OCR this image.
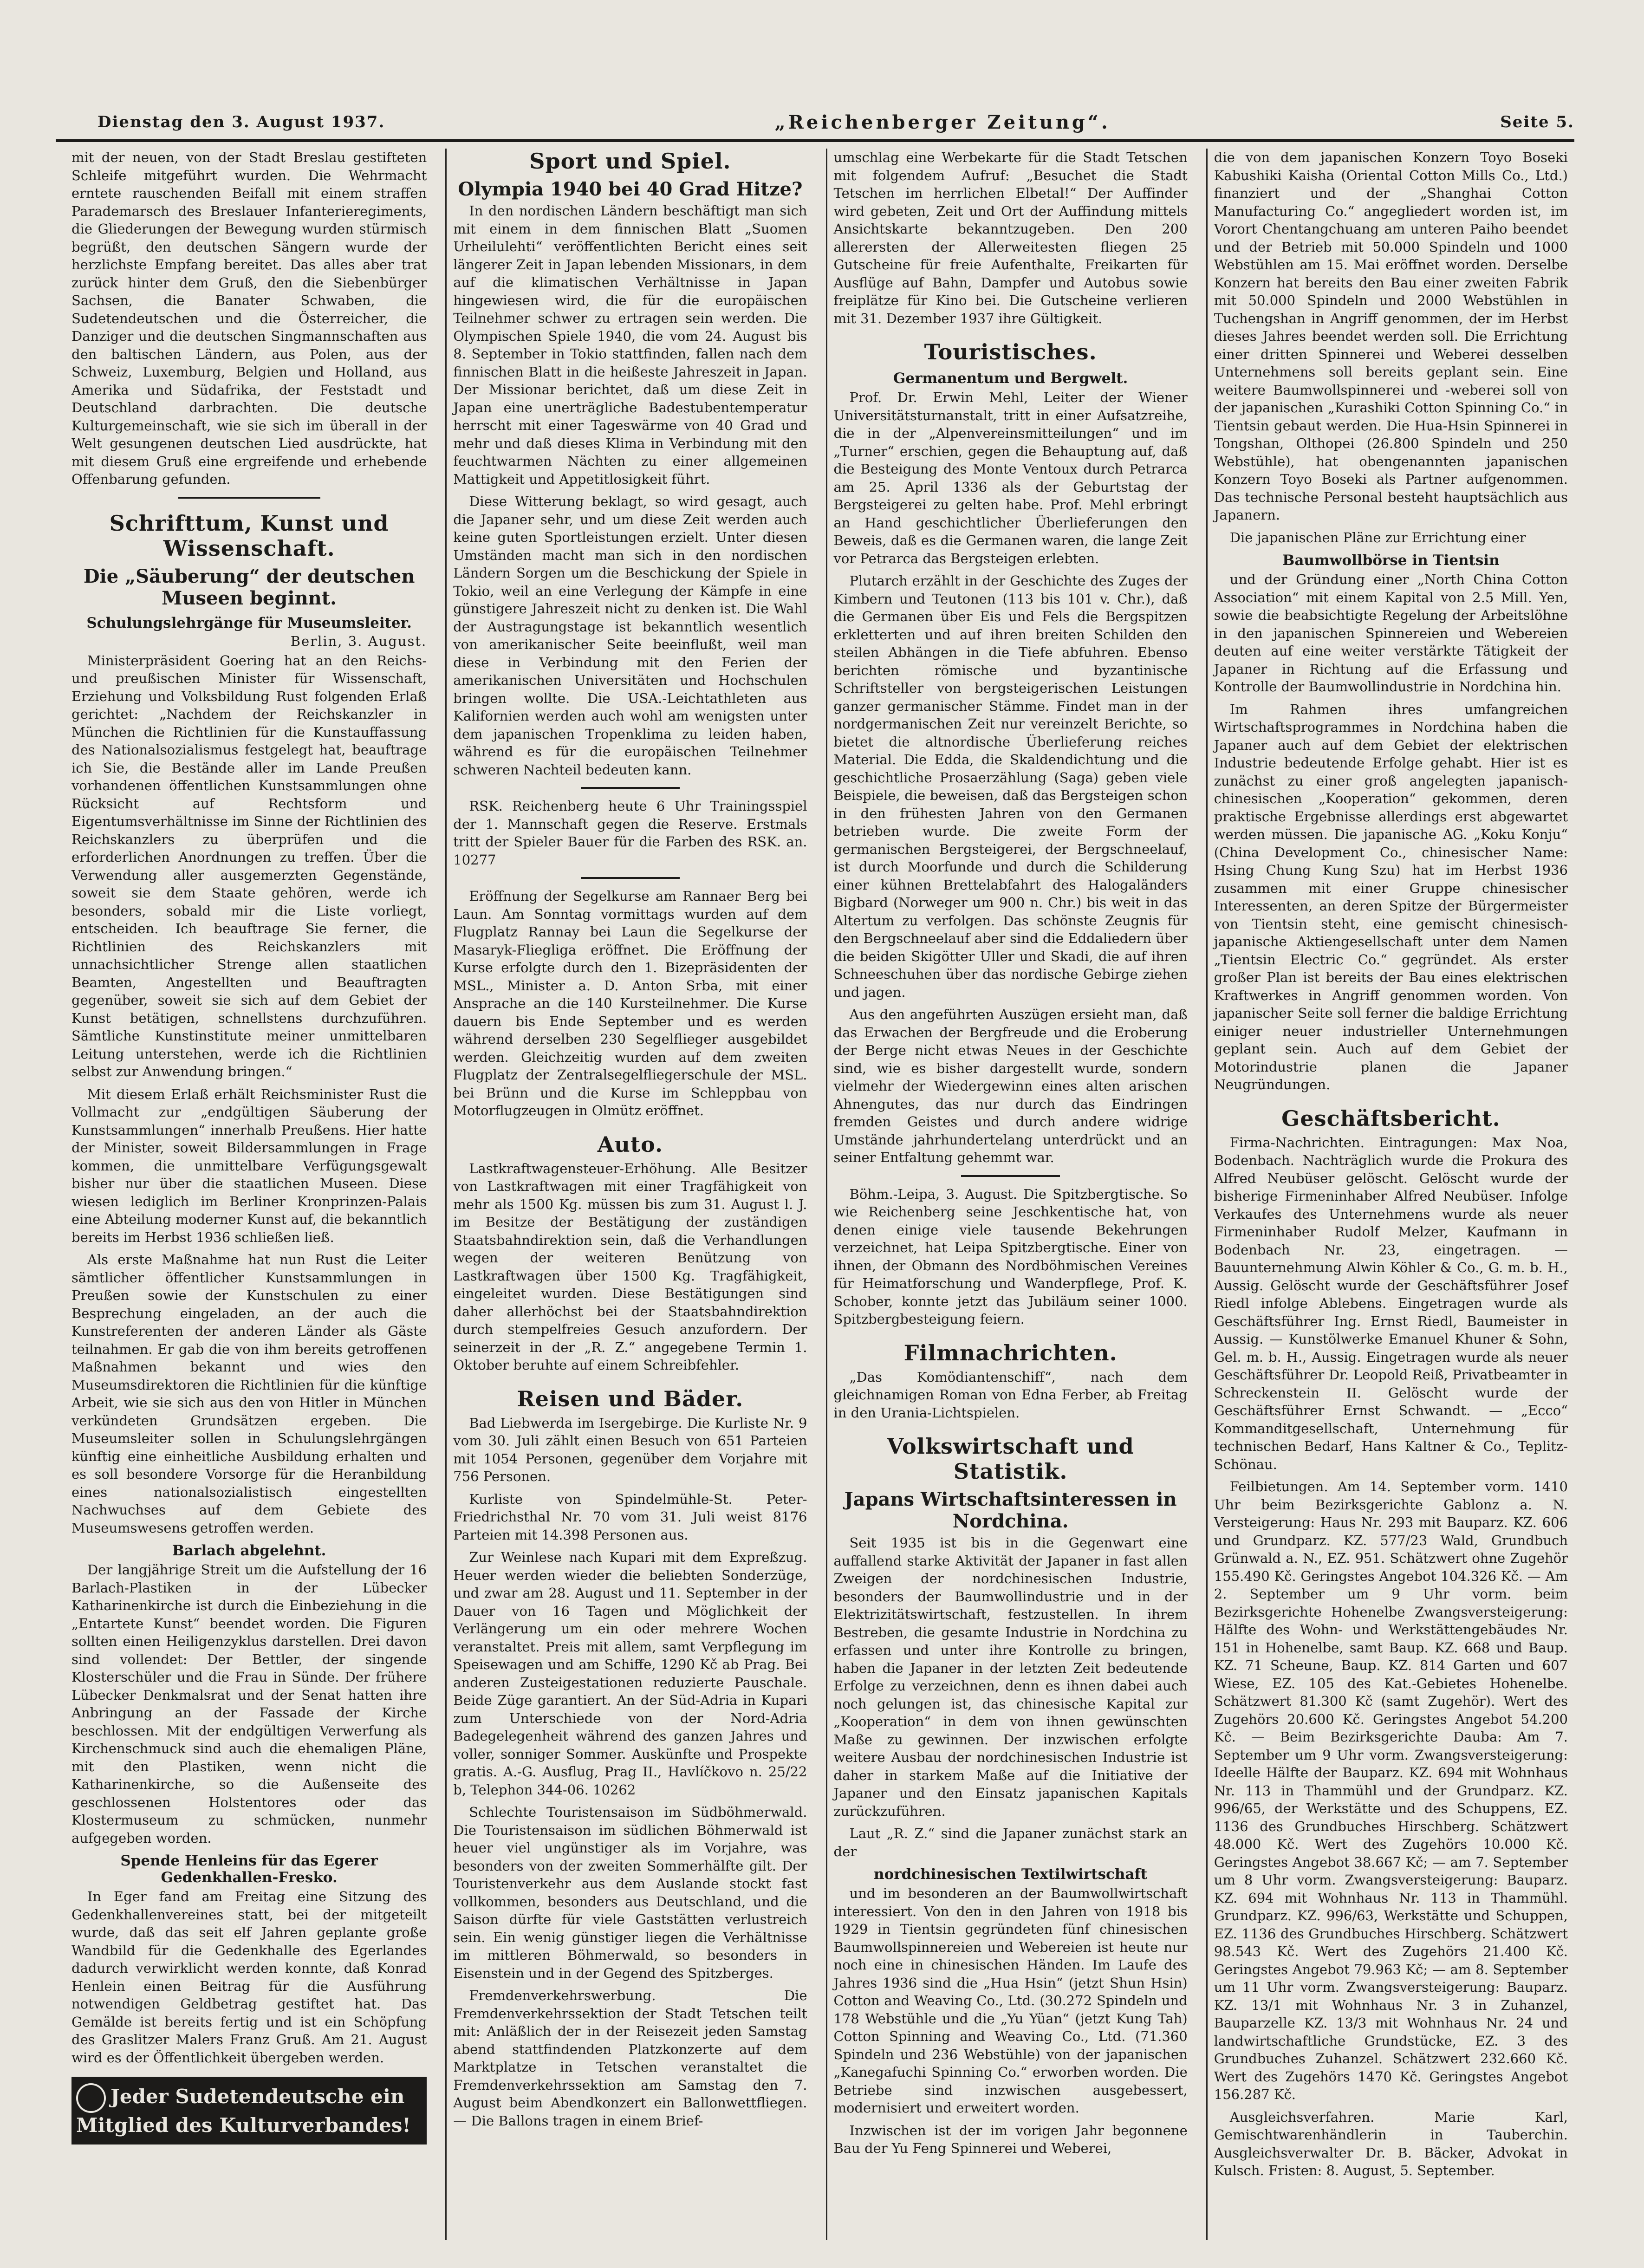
Dienstag den 3. August 1937.	„Reichenberger Zeitung“.	Seite 5.

mit der neuen, von der Stadt Breslau gestifteten Schleife mitgeführt wurden. Die Wehrmacht erntete rauschenden Beifall mit einem straffen Parademarsch des Breslauer Infanterieregiments, die Gliederungen der Bewegung wurden stürmisch begrüßt, den deutschen Sängern wurde der herzlichste Empfang bereitet. Das alles aber trat zurück hinter dem Gruß, den die Siebenbürger Sachsen, die Banater Schwaben, die Sudetendeutschen und die Österreicher, die Danziger und die deutschen Singmannschaften aus den baltischen Ländern, aus Polen, aus der Schweiz, Luxemburg, Belgien und Holland, aus Amerika und Südafrika, der Feststadt und Deutschland darbrachten. Die deutsche Kulturgemeinschaft, wie sie sich im überall in der Welt gesungenen deutschen Lied ausdrückte, hat mit diesem Gruß eine ergreifende und erhebende Offenbarung gefunden.

Schrifttum, Kunst und Wissenschaft.
Die „Säuberung“ der deutschen Museen beginnt.
Schulungslehrgänge für Museumsleiter.
Berlin, 3. August.

Ministerpräsident Goering hat an den Reichs- und preußischen Minister für Wissenschaft, Erziehung und Volksbildung Rust folgenden Erlaß gerichtet: „Nachdem der Reichskanzler in München die Richtlinien für die Kunstauffassung des Nationalsozialismus festgelegt hat, beauftrage ich Sie, die Bestände aller im Lande Preußen vorhandenen öffentlichen Kunstsammlungen ohne Rücksicht auf Rechtsform und Eigentumsverhältnisse im Sinne der Richtlinien des Reichskanzlers zu überprüfen und die erforderlichen Anordnungen zu treffen. Über die Verwendung aller ausgemerzten Gegenstände, soweit sie dem Staate gehören, werde ich besonders, sobald mir die Liste vorliegt, entscheiden. Ich beauftrage Sie ferner, die Richtlinien des Reichskanzlers mit unnachsichtlicher Strenge allen staatlichen Beamten, Angestellten und Beauftragten gegenüber, soweit sie sich auf dem Gebiet der Kunst betätigen, schnellstens durchzuführen. Sämtliche Kunstinstitute meiner unmittelbaren Leitung unterstehen, werde ich die Richtlinien selbst zur Anwendung bringen.“

Mit diesem Erlaß erhält Reichsminister Rust die Vollmacht zur „endgültigen Säuberung der Kunstsammlungen“ innerhalb Preußens. Hier hatte der Minister, soweit Bildersammlungen in Frage kommen, die unmittelbare Verfügungsgewalt bisher nur über die staatlichen Museen. Diese wiesen lediglich im Berliner Kronprinzen-Palais eine Abteilung moderner Kunst auf, die bekanntlich bereits im Herbst 1936 schließen ließ.

Als erste Maßnahme hat nun Rust die Leiter sämtlicher öffentlicher Kunstsammlungen in Preußen sowie der Kunstschulen zu einer Besprechung eingeladen, an der auch die Kunstreferenten der anderen Länder als Gäste teilnahmen. Er gab die von ihm bereits getroffenen Maßnahmen bekannt und wies den Museumsdirektoren die Richtlinien für die künftige Arbeit, wie sie sich aus den von Hitler in München verkündeten Grundsätzen ergeben. Die Museumsleiter sollen in Schulungslehrgängen künftig eine einheitliche Ausbildung erhalten und es soll besondere Vorsorge für die Heranbildung eines nationalsozialistisch eingestellten Nachwuchses auf dem Gebiete des Museumswesens getroffen werden.

Barlach abgelehnt.

Der langjährige Streit um die Aufstellung der 16 Barlach-Plastiken in der Lübecker Katharinenkirche ist durch die Einbeziehung in die „Entartete Kunst“ beendet worden. Die Figuren sollten einen Heiligenzyklus darstellen. Drei davon sind vollendet: Der Bettler, der singende Klosterschüler und die Frau in Sünde. Der frühere Lübecker Denkmalsrat und der Senat hatten ihre Anbringung an der Fassade der Kirche beschlossen. Mit der endgültigen Verwerfung als Kirchenschmuck sind auch die ehemaligen Pläne, mit den Plastiken, wenn nicht die Katharinenkirche, so die Außenseite des geschlossenen Holstentores oder das Klostermuseum zu schmücken, nunmehr aufgegeben worden.

Spende Henleins für das Egerer Gedenkhallen-Fresko.

In Eger fand am Freitag eine Sitzung des Gedenkhallenvereines statt, bei der mitgeteilt wurde, daß das seit elf Jahren geplante große Wandbild für die Gedenkhalle des Egerlandes dadurch verwirklicht werden konnte, daß Konrad Henlein einen Beitrag für die Ausführung notwendigen Geldbetrag gestiftet hat. Das Gemälde ist bereits fertig und ist ein Schöpfung des Graslitzer Malers Franz Gruß. Am 21. August wird es der Öffentlichkeit übergeben werden.

Jeder Sudetendeutsche ein Mitglied des Kulturverbandes!
Sport und Spiel.
Olympia 1940 bei 40 Grad Hitze?

In den nordischen Ländern beschäftigt man sich mit einem in dem finnischen Blatt „Suomen Urheilulehti“ veröffentlichten Bericht eines seit längerer Zeit in Japan lebenden Missionars, in dem auf die klimatischen Verhältnisse in Japan hingewiesen wird, die für die europäischen Teilnehmer schwer zu ertragen sein werden. Die Olympischen Spiele 1940, die vom 24. August bis 8. September in Tokio stattfinden, fallen nach dem finnischen Blatt in die heißeste Jahreszeit in Japan. Der Missionar berichtet, daß um diese Zeit in Japan eine unerträgliche Badestubentemperatur herrscht mit einer Tageswärme von 40 Grad und mehr und daß dieses Klima in Verbindung mit den feuchtwarmen Nächten zu einer allgemeinen Mattigkeit und Appetitlosigkeit führt.

Diese Witterung beklagt, so wird gesagt, auch die Japaner sehr, und um diese Zeit werden auch keine guten Sportleistungen erzielt. Unter diesen Umständen macht man sich in den nordischen Ländern Sorgen um die Beschickung der Spiele in Tokio, weil an eine Verlegung der Kämpfe in eine günstigere Jahreszeit nicht zu denken ist. Die Wahl der Austragungstage ist bekanntlich wesentlich von amerikanischer Seite beeinflußt, weil man diese in Verbindung mit den Ferien der amerikanischen Universitäten und Hochschulen bringen wollte. Die USA.-Leichtathleten aus Kalifornien werden auch wohl am wenigsten unter dem japanischen Tropenklima zu leiden haben, während es für die europäischen Teilnehmer schweren Nachteil bedeuten kann.

RSK. Reichenberg heute 6 Uhr Trainingsspiel der 1. Mannschaft gegen die Reserve. Erstmals tritt der Spieler Bauer für die Farben des RSK. an. 10277

Eröffnung der Segelkurse am Rannaer Berg bei Laun. Am Sonntag vormittags wurden auf dem Flugplatz Rannay bei Laun die Segelkurse der Masaryk-Fliegliga eröffnet. Die Eröffnung der Kurse erfolgte durch den 1. Bizepräsidenten der MSL., Minister a. D. Anton Srba, mit einer Ansprache an die 140 Kursteilnehmer. Die Kurse dauern bis Ende September und es werden während derselben 230 Segelflieger ausgebildet werden. Gleichzeitig wurden auf dem zweiten Flugplatz der Zentralsegelfliegerschule der MSL. bei Brünn und die Kurse im Schleppbau von Motorflugzeugen in Olmütz eröffnet.

Auto.

Lastkraftwagensteuer-Erhöhung. Alle Besitzer von Lastkraftwagen mit einer Tragfähigkeit von mehr als 1500 Kg. müssen bis zum 31. August l. J. im Besitze der Bestätigung der zuständigen Staatsbahndirektion sein, daß die Verhandlungen wegen der weiteren Benützung von Lastkraftwagen über 1500 Kg. Tragfähigkeit, eingeleitet wurden. Diese Bestätigungen sind daher allerhöchst bei der Staatsbahndirektion durch stempelfreies Gesuch anzufordern. Der seinerzeit in der „R. Z.“ angegebene Termin 1. Oktober beruhte auf einem Schreibfehler.

Reisen und Bäder.

Bad Liebwerda im Isergebirge. Die Kurliste Nr. 9 vom 30. Juli zählt einen Besuch von 651 Parteien mit 1054 Personen, gegenüber dem Vorjahre mit 756 Personen.

Kurliste von Spindelmühle-St. Peter-Friedrichsthal Nr. 70 vom 31. Juli weist 8176 Parteien mit 14.398 Personen aus.

Zur Weinlese nach Kupari mit dem Expreßzug. Heuer werden wieder die beliebten Sonderzüge, und zwar am 28. August und 11. September in der Dauer von 16 Tagen und Möglichkeit der Verlängerung um ein oder mehrere Wochen veranstaltet. Preis mit allem, samt Verpflegung im Speisewagen und am Schiffe, 1290 Kč ab Prag. Bei anderen Zusteigestationen reduzierte Pauschale. Beide Züge garantiert. An der Süd-Adria in Kupari zum Unterschiede von der Nord-Adria Badegelegenheit während des ganzen Jahres und voller, sonniger Sommer. Auskünfte und Prospekte gratis. A.-G. Ausflug, Prag II., Havlíčkovo n. 25/22 b, Telephon 344-06. 10262

Schlechte Touristensaison im Südböhmerwald. Die Touristensaison im südlichen Böhmerwald ist heuer viel ungünstiger als im Vorjahre, was besonders von der zweiten Sommerhälfte gilt. Der Touristenverkehr aus dem Auslande stockt fast vollkommen, besonders aus Deutschland, und die Saison dürfte für viele Gaststätten verlustreich sein. Ein wenig günstiger liegen die Verhältnisse im mittleren Böhmerwald, so besonders in Eisenstein und in der Gegend des Spitzberges.

Fremdenverkehrswerbung. Die Fremdenverkehrssektion der Stadt Tetschen teilt mit: Anläßlich der in der Reisezeit jeden Samstag abend stattfindenden Platzkonzerte auf dem Marktplatze in Tetschen veranstaltet die Fremdenverkehrssektion am Samstag den 7. August beim Abendkonzert ein Ballonwettfliegen. — Die Ballons tragen in einem Brief-

umschlag eine Werbekarte für die Stadt Tetschen mit folgendem Aufruf: „Besuchet die Stadt Tetschen im herrlichen Elbetal!“ Der Auffinder wird gebeten, Zeit und Ort der Auffindung mittels Ansichtskarte bekanntzugeben. Den 200 allerersten der Allerweitesten fliegen 25 Gutscheine für freie Aufenthalte, Freikarten für Ausflüge auf Bahn, Dampfer und Autobus sowie freiplätze für Kino bei. Die Gutscheine verlieren mit 31. Dezember 1937 ihre Gültigkeit.

Touristisches.
Germanentum und Bergwelt.

Prof. Dr. Erwin Mehl, Leiter der Wiener Universitätsturnanstalt, tritt in einer Aufsatzreihe, die in der „Alpenvereinsmitteilungen“ und im „Turner“ erschien, gegen die Behauptung auf, daß die Besteigung des Monte Ventoux durch Petrarca am 25. April 1336 als der Geburtstag der Bergsteigerei zu gelten habe. Prof. Mehl erbringt an Hand geschichtlicher Überlieferungen den Beweis, daß es die Germanen waren, die lange Zeit vor Petrarca das Bergsteigen erlebten.

Plutarch erzählt in der Geschichte des Zuges der Kimbern und Teutonen (113 bis 101 v. Chr.), daß die Germanen über Eis und Fels die Bergspitzen erkletterten und auf ihren breiten Schilden den steilen Abhängen in die Tiefe abfuhren. Ebenso berichten römische und byzantinische Schriftsteller von bergsteigerischen Leistungen ganzer germanischer Stämme. Findet man in der nordgermanischen Zeit nur vereinzelt Berichte, so bietet die altnordische Überlieferung reiches Material. Die Edda, die Skaldendichtung und die geschichtliche Prosaerzählung (Saga) geben viele Beispiele, die beweisen, daß das Bergsteigen schon in den frühesten Jahren von den Germanen betrieben wurde. Die zweite Form der germanischen Bergsteigerei, der Bergschneelauf, ist durch Moorfunde und durch die Schilderung einer kühnen Brettelabfahrt des Halogaländers Bigbard (Norweger um 900 n. Chr.) bis weit in das Altertum zu verfolgen. Das schönste Zeugnis für den Bergschneelauf aber sind die Eddaliedern über die beiden Skigötter Uller und Skadi, die auf ihren Schneeschuhen über das nordische Gebirge ziehen und jagen.

Aus den angeführten Auszügen ersieht man, daß das Erwachen der Bergfreude und die Eroberung der Berge nicht etwas Neues in der Geschichte sind, wie es bisher dargestellt wurde, sondern vielmehr der Wiedergewinn eines alten arischen Ahnengutes, das nur durch das Eindringen fremden Geistes und durch andere widrige Umstände jahrhundertelang unterdrückt und an seiner Entfaltung gehemmt war.

Böhm.-Leipa, 3. August. Die Spitzbergtische. So wie Reichenberg seine Jeschkentische hat, von denen einige viele tausende Bekehrungen verzeichnet, hat Leipa Spitzbergtische. Einer von ihnen, der Obmann des Nordböhmischen Vereines für Heimatforschung und Wanderpflege, Prof. K. Schober, konnte jetzt das Jubiläum seiner 1000. Spitzbergbesteigung feiern.

Filmnachrichten.

„Das Komödiantenschiff“, nach dem gleichnamigen Roman von Edna Ferber, ab Freitag in den Urania-Lichtspielen.

Volkswirtschaft und Statistik.
Japans Wirtschaftsinteressen in Nordchina.

Seit 1935 ist bis in die Gegenwart eine auffallend starke Aktivität der Japaner in fast allen Zweigen der nordchinesischen Industrie, besonders der Baumwollindustrie und in der Elektrizitätswirtschaft, festzustellen. In ihrem Bestreben, die gesamte Industrie in Nordchina zu erfassen und unter ihre Kontrolle zu bringen, haben die Japaner in der letzten Zeit bedeutende Erfolge zu verzeichnen, denn es ihnen dabei auch noch gelungen ist, das chinesische Kapital zur „Kooperation“ in dem von ihnen gewünschten Maße zu gewinnen. Der inzwischen erfolgte weitere Ausbau der nordchinesischen Industrie ist daher in starkem Maße auf die Initiative der Japaner und den Einsatz japanischen Kapitals zurückzuführen.

Laut „R. Z.“ sind die Japaner zunächst stark an der

nordchinesischen Textilwirtschaft

und im besonderen an der Baumwollwirtschaft interessiert. Von den in den Jahren von 1918 bis 1929 in Tientsin gegründeten fünf chinesischen Baumwollspinnereien und Webereien ist heute nur noch eine in chinesischen Händen. Im Laufe des Jahres 1936 sind die „Hua Hsin“ (jetzt Shun Hsin) Cotton and Weaving Co., Ltd. (30.272 Spindeln und 178 Webstühle und die „Yu Yüan“ (jetzt Kung Tah) Cotton Spinning and Weaving Co., Ltd. (71.360 Spindeln und 236 Webstühle) von der japanischen „Kanegafuchi Spinning Co.“ erworben worden. Die Betriebe sind inzwischen ausgebessert, modernisiert und erweitert worden.

Inzwischen ist der im vorigen Jahr begonnene Bau der Yu Feng Spinnerei und Weberei,

die von dem japanischen Konzern Toyo Boseki Kabushiki Kaisha (Oriental Cotton Mills Co., Ltd.) finanziert und der „Shanghai Cotton Manufacturing Co.“ angegliedert worden ist, im Vorort Chentangchuang am unteren Paiho beendet und der Betrieb mit 50.000 Spindeln und 1000 Webstühlen am 15. Mai eröffnet worden. Derselbe Konzern hat bereits den Bau einer zweiten Fabrik mit 50.000 Spindeln und 2000 Webstühlen in Tuchengshan in Angriff genommen, der im Herbst dieses Jahres beendet werden soll. Die Errichtung einer dritten Spinnerei und Weberei desselben Unternehmens soll bereits geplant sein. Eine weitere Baumwollspinnerei und -weberei soll von der japanischen „Kurashiki Cotton Spinning Co.“ in Tientsin gebaut werden. Die Hua-Hsin Spinnerei in Tongshan, Olthopei (26.800 Spindeln und 250 Webstühle), hat obengenannten japanischen Konzern Toyo Boseki als Partner aufgenommen. Das technische Personal besteht hauptsächlich aus Japanern.

Die japanischen Pläne zur Errichtung einer

Baumwollbörse in Tientsin

und der Gründung einer „North China Cotton Association“ mit einem Kapital von 2.5 Mill. Yen, sowie die beabsichtigte Regelung der Arbeitslöhne in den japanischen Spinnereien und Webereien deuten auf eine weiter verstärkte Tätigkeit der Japaner in Richtung auf die Erfassung und Kontrolle der Baumwollindustrie in Nordchina hin.

Im Rahmen ihres umfangreichen Wirtschaftsprogrammes in Nordchina haben die Japaner auch auf dem Gebiet der elektrischen Industrie bedeutende Erfolge gehabt. Hier ist es zunächst zu einer groß angelegten japanisch-chinesischen „Kooperation“ gekommen, deren praktische Ergebnisse allerdings erst abgewartet werden müssen. Die japanische AG. „Koku Konju“ (China Development Co., chinesischer Name: Hsing Chung Kung Szu) hat im Herbst 1936 zusammen mit einer Gruppe chinesischer Interessenten, an deren Spitze der Bürgermeister von Tientsin steht, eine gemischt chinesisch-japanische Aktiengesellschaft unter dem Namen „Tientsin Electric Co.“ gegründet. Als erster großer Plan ist bereits der Bau eines elektrischen Kraftwerkes in Angriff genommen worden. Von japanischer Seite soll ferner die baldige Errichtung einiger neuer industrieller Unternehmungen geplant sein. Auch auf dem Gebiet der Motorindustrie planen die Japaner Neugründungen.

Geschäftsbericht.

Firma-Nachrichten. Eintragungen: Max Noa, Bodenbach. Nachträglich wurde die Prokura des Alfred Neubüser gelöscht. Gelöscht wurde der bisherige Firmeninhaber Alfred Neubüser. Infolge Verkaufes des Unternehmens wurde als neuer Firmeninhaber Rudolf Melzer, Kaufmann in Bodenbach Nr. 23, eingetragen. — Bauunternehmung Alwin Köhler & Co., G. m. b. H., Aussig. Gelöscht wurde der Geschäftsführer Josef Riedl infolge Ablebens. Eingetragen wurde als Geschäftsführer Ing. Ernst Riedl, Baumeister in Aussig. — Kunstölwerke Emanuel Khuner & Sohn, Gel. m. b. H., Aussig. Eingetragen wurde als neuer Geschäftsführer Dr. Leopold Reiß, Privatbeamter in Schreckenstein II. Gelöscht wurde der Geschäftsführer Ernst Schwandt. — „Ecco“ Kommanditgesellschaft, Unternehmung für technischen Bedarf, Hans Kaltner & Co., Teplitz-Schönau.

Feilbietungen. Am 14. September vorm. 1410 Uhr beim Bezirksgerichte Gablonz a. N. Versteigerung: Haus Nr. 293 mit Bauparz. KZ. 606 und Grundparz. KZ. 577/23 Wald, Grundbuch Grünwald a. N., EZ. 951. Schätzwert ohne Zugehör 155.490 Kč. Geringstes Angebot 104.326 Kč. — Am 2. September um 9 Uhr vorm. beim Bezirksgerichte Hohenelbe Zwangsversteigerung: Hälfte des Wohn- und Werkstättengebäudes Nr. 151 in Hohenelbe, samt Baup. KZ. 668 und Baup. KZ. 71 Scheune, Baup. KZ. 814 Garten und 607 Wiese, EZ. 105 des Kat.-Gebietes Hohenelbe. Schätzwert 81.300 Kč (samt Zugehör). Wert des Zugehörs 20.600 Kč. Geringstes Angebot 54.200 Kč. — Beim Bezirksgerichte Dauba: Am 7. September um 9 Uhr vorm. Zwangsversteigerung: Ideelle Hälfte der Bauparz. KZ. 694 mit Wohnhaus Nr. 113 in Thammühl und der Grundparz. KZ. 996/65, der Werkstätte und des Schuppens, EZ. 1136 des Grundbuches Hirschberg. Schätzwert 48.000 Kč. Wert des Zugehörs 10.000 Kč. Geringstes Angebot 38.667 Kč; — am 7. September um 8 Uhr vorm. Zwangsversteigerung: Bauparz. KZ. 694 mit Wohnhaus Nr. 113 in Thammühl. Grundparz. KZ. 996/63, Werkstätte und Schuppen, EZ. 1136 des Grundbuches Hirschberg. Schätzwert 98.543 Kč. Wert des Zugehörs 21.400 Kč. Geringstes Angebot 79.963 Kč; — am 8. September um 11 Uhr vorm. Zwangsversteigerung: Bauparz. KZ. 13/1 mit Wohnhaus Nr. 3 in Zuhanzel, Bauparzelle KZ. 13/3 mit Wohnhaus Nr. 24 und landwirtschaftliche Grundstücke, EZ. 3 des Grundbuches Zuhanzel. Schätzwert 232.660 Kč. Wert des Zugehörs 1470 Kč. Geringstes Angebot 156.287 Kč.

Ausgleichsverfahren. Marie Karl, Gemischtwarenhändlerin in Tauberchin. Ausgleichsverwalter Dr. B. Bäcker, Advokat in Kulsch. Fristen: 8. August, 5. September.
